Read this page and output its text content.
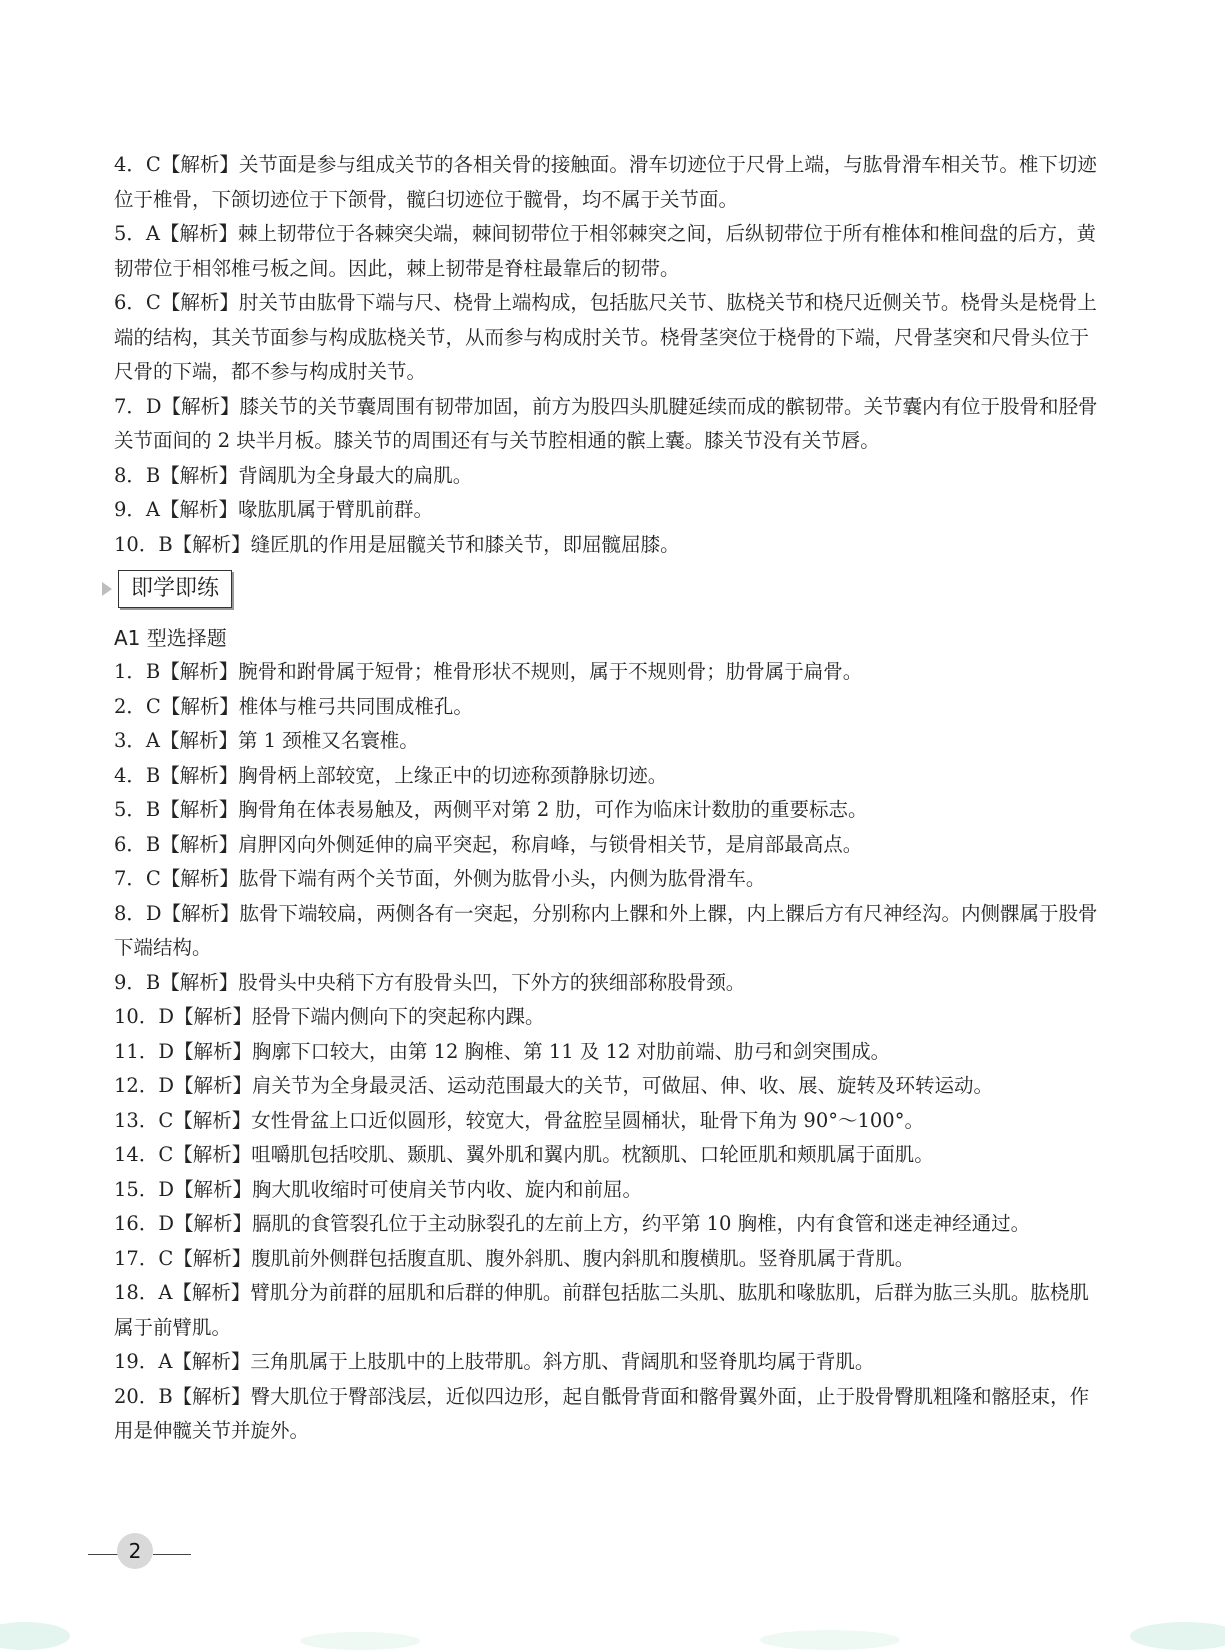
4．C【解析】关节面是参与组成关节的各相关骨的接触面。滑车切迹位于尺骨上端，与肱骨滑车相关节。椎下切迹位于椎骨，下颌切迹位于下颌骨，髋臼切迹位于髋骨，均不属于关节面。

5．A【解析】棘上韧带位于各棘突尖端，棘间韧带位于相邻棘突之间，后纵韧带位于所有椎体和椎间盘的后方，黄韧带位于相邻椎弓板之间。因此，棘上韧带是脊柱最靠后的韧带。

6．C【解析】肘关节由肱骨下端与尺、桡骨上端构成，包括肱尺关节、肱桡关节和桡尺近侧关节。桡骨头是桡骨上端的结构，其关节面参与构成肱桡关节，从而参与构成肘关节。桡骨茎突位于桡骨的下端，尺骨茎突和尺骨头位于尺骨的下端，都不参与构成肘关节。

7．D【解析】膝关节的关节囊周围有韧带加固，前方为股四头肌腱延续而成的髌韧带。关节囊内有位于股骨和胫骨关节面间的 2 块半月板。膝关节的周围还有与关节腔相通的髌上囊。膝关节没有关节唇。

8．B【解析】背阔肌为全身最大的扁肌。

9．A【解析】喙肱肌属于臂肌前群。

10．B【解析】缝匠肌的作用是屈髋关节和膝关节，即屈髋屈膝。

即学即练

A1 型选择题

1．B【解析】腕骨和跗骨属于短骨；椎骨形状不规则，属于不规则骨；肋骨属于扁骨。

2．C【解析】椎体与椎弓共同围成椎孔。

3．A【解析】第 1 颈椎又名寰椎。

4．B【解析】胸骨柄上部较宽，上缘正中的切迹称颈静脉切迹。

5．B【解析】胸骨角在体表易触及，两侧平对第 2 肋，可作为临床计数肋的重要标志。

6．B【解析】肩胛冈向外侧延伸的扁平突起，称肩峰，与锁骨相关节，是肩部最高点。

7．C【解析】肱骨下端有两个关节面，外侧为肱骨小头，内侧为肱骨滑车。

8．D【解析】肱骨下端较扁，两侧各有一突起，分别称内上髁和外上髁，内上髁后方有尺神经沟。内侧髁属于股骨下端结构。

9．B【解析】股骨头中央稍下方有股骨头凹，下外方的狭细部称股骨颈。

10．D【解析】胫骨下端内侧向下的突起称内踝。

11．D【解析】胸廓下口较大，由第 12 胸椎、第 11 及 12 对肋前端、肋弓和剑突围成。

12．D【解析】肩关节为全身最灵活、运动范围最大的关节，可做屈、伸、收、展、旋转及环转运动。

13．C【解析】女性骨盆上口近似圆形，较宽大，骨盆腔呈圆桶状，耻骨下角为 90°～100°。

14．C【解析】咀嚼肌包括咬肌、颞肌、翼外肌和翼内肌。枕额肌、口轮匝肌和颊肌属于面肌。

15．D【解析】胸大肌收缩时可使肩关节内收、旋内和前屈。

16．D【解析】膈肌的食管裂孔位于主动脉裂孔的左前上方，约平第 10 胸椎，内有食管和迷走神经通过。

17．C【解析】腹肌前外侧群包括腹直肌、腹外斜肌、腹内斜肌和腹横肌。竖脊肌属于背肌。

18．A【解析】臂肌分为前群的屈肌和后群的伸肌。前群包括肱二头肌、肱肌和喙肱肌，后群为肱三头肌。肱桡肌属于前臂肌。

19．A【解析】三角肌属于上肢肌中的上肢带肌。斜方肌、背阔肌和竖脊肌均属于背肌。

20．B【解析】臀大肌位于臀部浅层，近似四边形，起自骶骨背面和髂骨翼外面，止于股骨臀肌粗隆和髂胫束，作用是伸髋关节并旋外。

2
